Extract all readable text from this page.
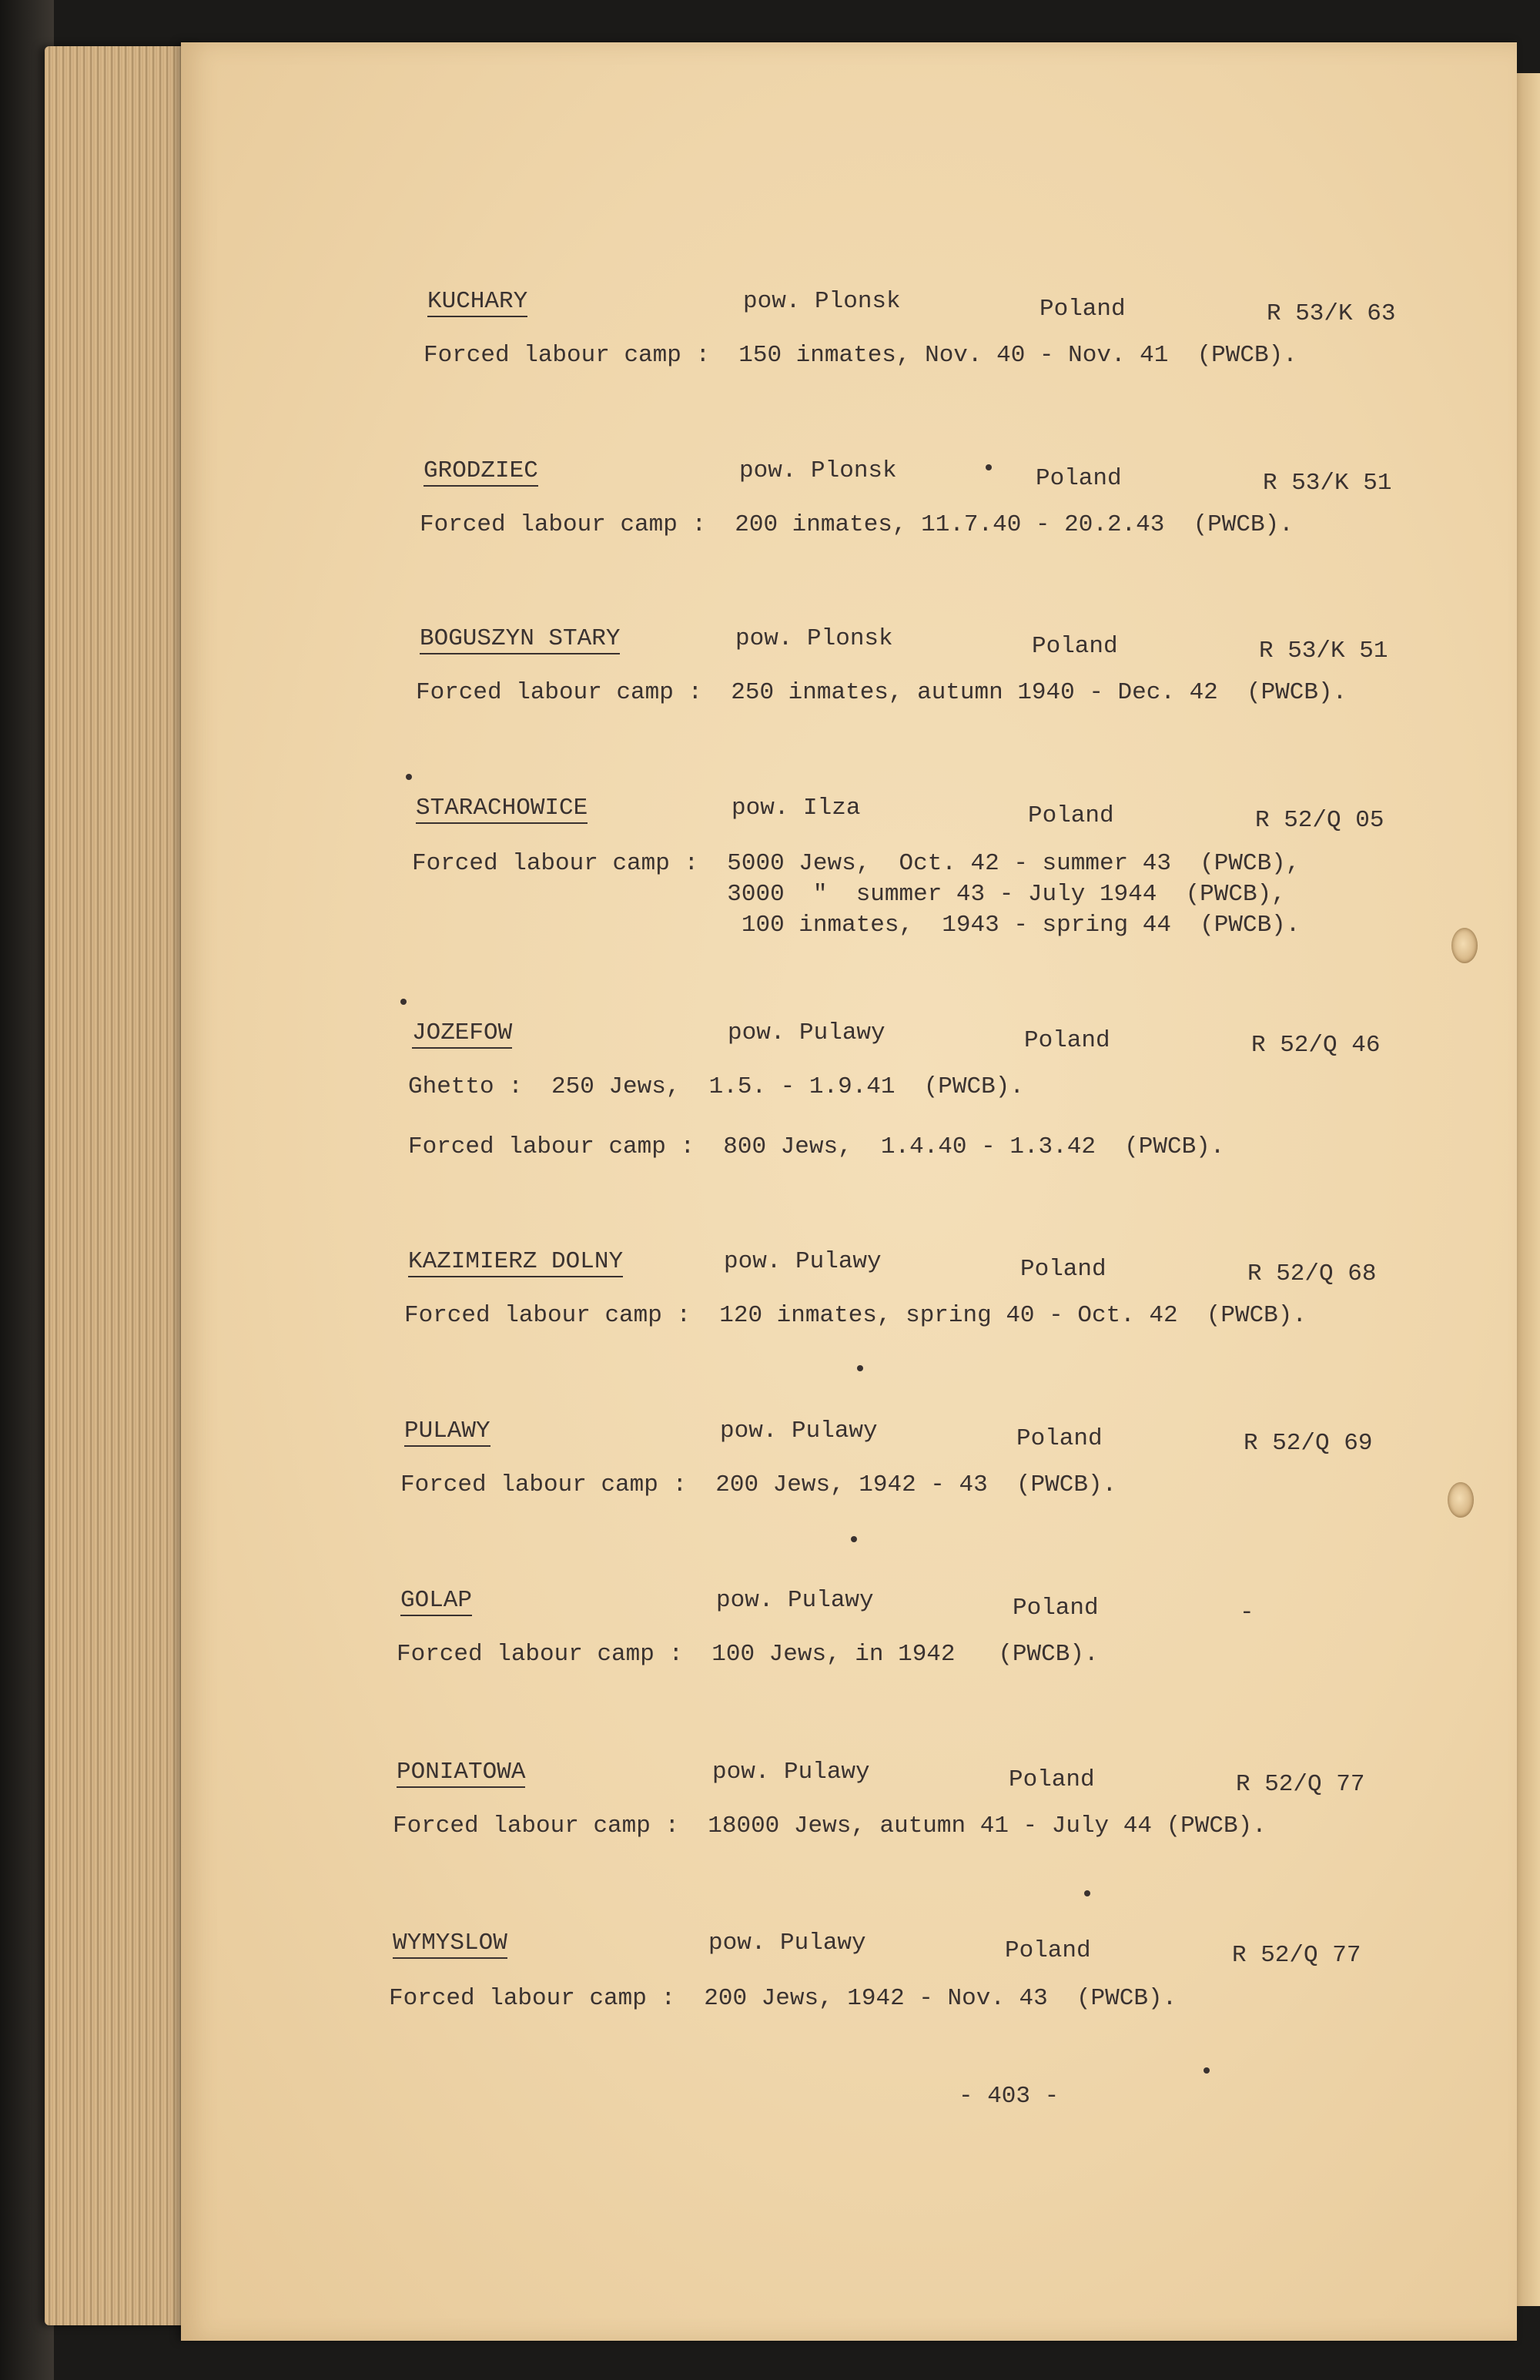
KUCHARY	pow. Plonsk	Poland	R 53/K 63
Forced labour camp :  150 inmates, Nov. 40 - Nov. 41  (PWCB).
GRODZIEC	pow. Plonsk	Poland	R 53/K 51
Forced labour camp :  200 inmates, 11.7.40 - 20.2.43  (PWCB).
BOGUSZYN STARY	pow. Plonsk	Poland	R 53/K 51
Forced labour camp :  250 inmates, autumn 1940 - Dec. 42  (PWCB).
STARACHOWICE	pow. Ilza	Poland	R 52/Q 05
Forced labour camp :  5000 Jews,  Oct. 42 - summer 43  (PWCB),
3000  "  summer 43 - July 1944  (PWCB),
100 inmates,  1943 - spring 44  (PWCB).
JOZEFOW	pow. Pulawy	Poland	R 52/Q 46
Ghetto :  250 Jews,  1.5. - 1.9.41  (PWCB).
Forced labour camp :  800 Jews,  1.4.40 - 1.3.42  (PWCB).
KAZIMIERZ DOLNY	pow. Pulawy	Poland	R 52/Q 68
Forced labour camp :  120 inmates, spring 40 - Oct. 42  (PWCB).
PULAWY	pow. Pulawy	Poland	R 52/Q 69
Forced labour camp :  200 Jews, 1942 - 43  (PWCB).
GOLAP	pow. Pulawy	Poland	-
Forced labour camp :  100 Jews, in 1942   (PWCB).
PONIATOWA	pow. Pulawy	Poland	R 52/Q 77
Forced labour camp :  18000 Jews, autumn 41 - July 44 (PWCB).
WYMYSLOW	pow. Pulawy	Poland	R 52/Q 77
Forced labour camp :  200 Jews, 1942 - Nov. 43  (PWCB).
- 403 -
